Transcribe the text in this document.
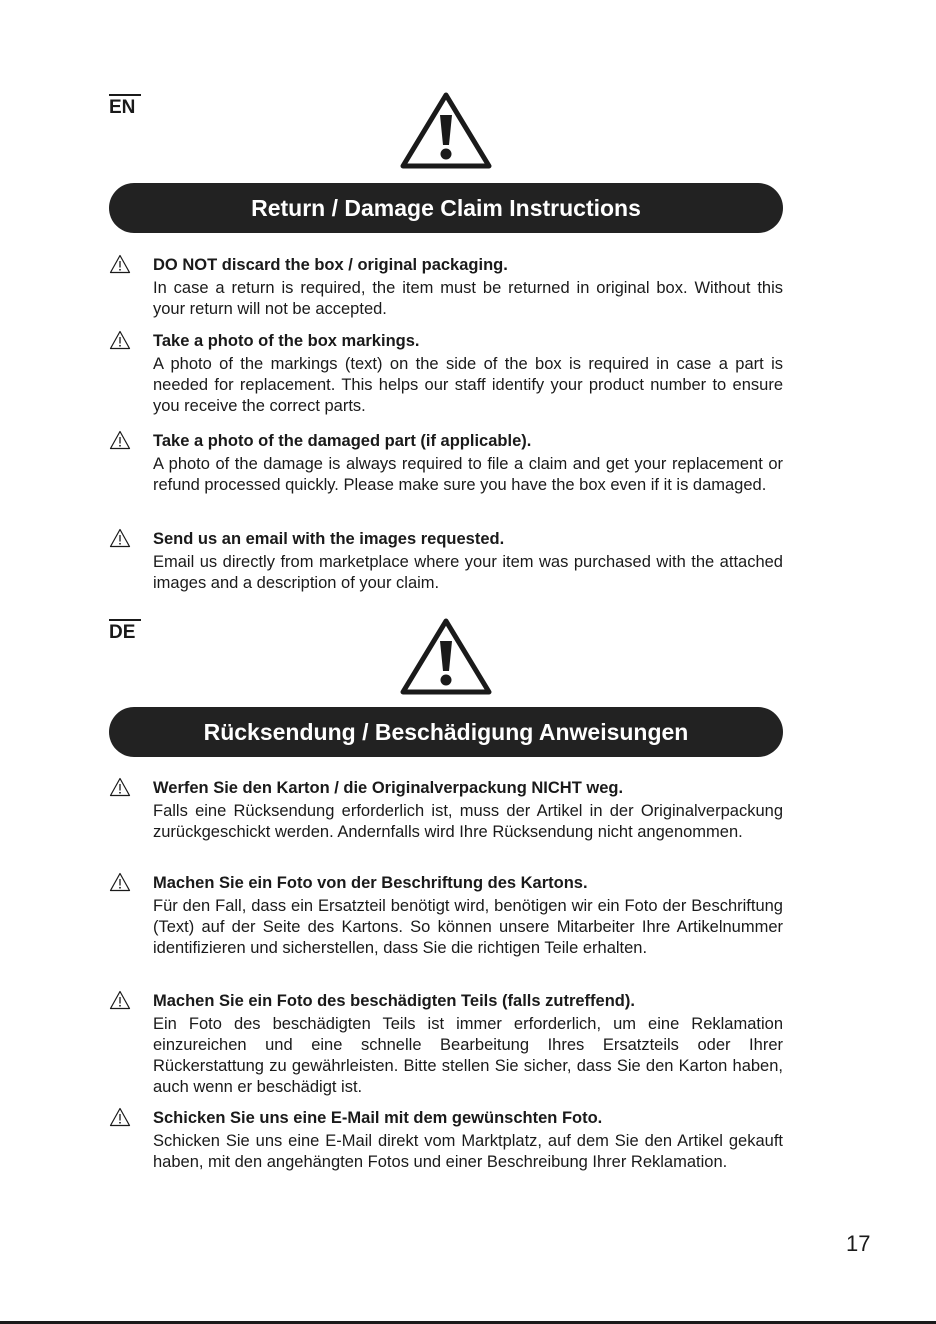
EN
Return / Damage Claim Instructions
DO NOT discard the box / original packaging.
In case a return is required, the item must be returned in original box. Without this your return will not be accepted.
Take a photo of the box markings.
A photo of the markings (text) on the side of the box is required in case a part is needed for replacement. This helps our staff identify your product number to ensure you receive the correct parts.
Take a photo of the damaged part (if applicable).
A photo of the damage is always required to file a claim and get your replacement or refund processed quickly. Please make sure you have the box even if it is damaged.
Send us an email with the images requested.
Email us directly from marketplace where your item was purchased with the attached images and a description of your claim.
DE
Rücksendung / Beschädigung Anweisungen
Werfen Sie den Karton / die Originalverpackung NICHT weg.
Falls eine Rücksendung erforderlich ist, muss der Artikel in der Originalverpackung zurückgeschickt werden. Andernfalls wird Ihre Rücksendung nicht angenommen.
Machen Sie ein Foto von der Beschriftung des Kartons.
Für den Fall, dass ein Ersatzteil benötigt wird, benötigen wir ein Foto der Beschriftung (Text) auf der Seite des Kartons. So können unsere Mitarbeiter Ihre Artikelnummer identifizieren und sicherstellen, dass Sie die richtigen Teile erhalten.
Machen Sie ein Foto des beschädigten Teils (falls zutreffend).
Ein Foto des beschädigten Teils ist immer erforderlich, um eine Reklamation einzureichen und eine schnelle Bearbeitung Ihres Ersatzteils oder Ihrer Rückerstattung zu gewährleisten. Bitte stellen Sie sicher, dass Sie den Karton haben, auch wenn er beschädigt ist.
Schicken Sie uns eine E-Mail mit dem gewünschten Foto.
Schicken Sie uns eine E-Mail direkt vom Marktplatz, auf dem Sie den Artikel gekauft haben, mit den angehängten Fotos und einer Beschreibung Ihrer Reklamation.
17
